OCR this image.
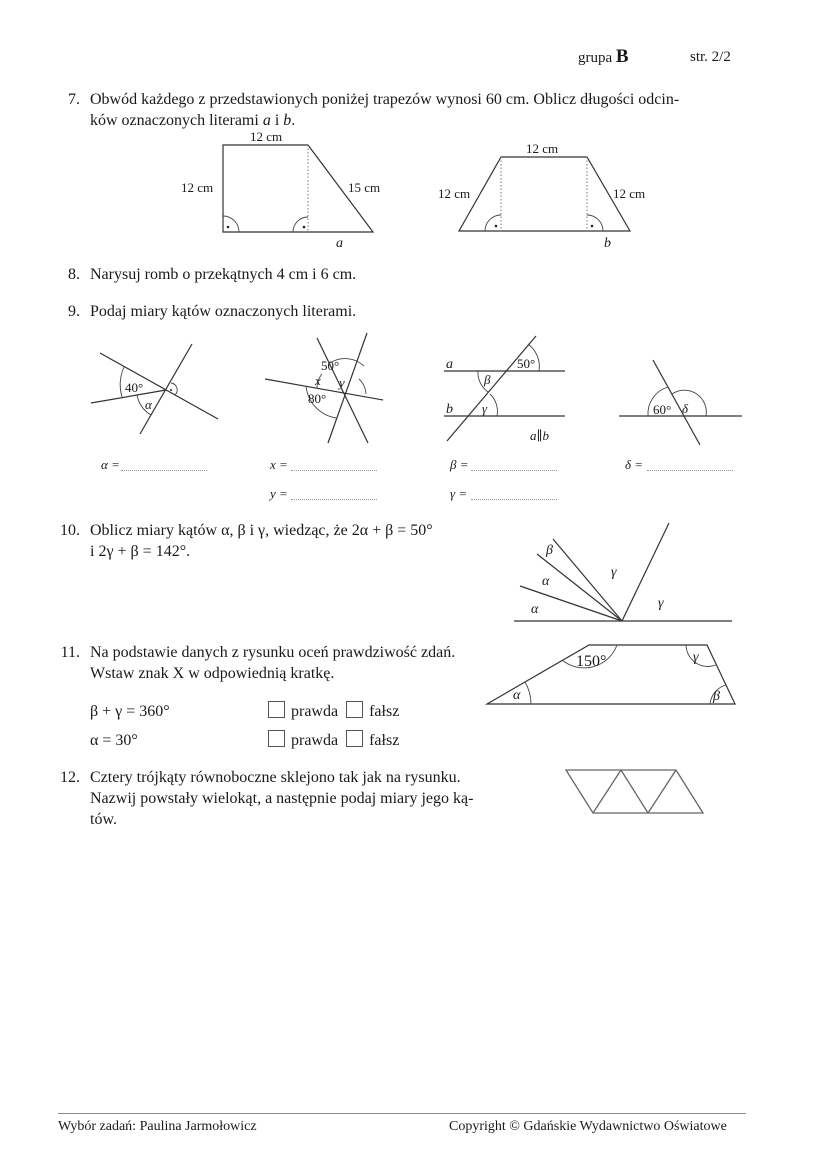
grupa B	str. 2/2
7. Obwód każdego z przedstawionych poniżej trapezów wynosi 60 cm. Oblicz długości odcin-
ków oznaczonych literami a i b.
12 cm
12 cm	15 cm
a
12 cm
12 cm	12 cm
b
8. Narysuj romb o przekątnych 4 cm i 6 cm.
9. Podaj miary kątów oznaczonych literami.
40°
α
50°
x y
80°
a
b
50°
β
γ
a∥b
60° δ
α =	x =
y =
β =
γ =
δ =
10. Oblicz miary kątów α, β i γ, wiedząc, że 2α + β = 50°
i 2γ + β = 142°.	β
α
α
γ
γ
11. Na podstawie danych z rysunku oceń prawdziwość zdań.
Wstaw znak X w odpowiednią kratkę.
β + γ = 360°	prawda fałsz
α = 30°	prawda fałsz
150°	γ
α	β
12. Cztery trójkąty równoboczne sklejono tak jak na rysunku.
Nazwij powstały wielokąt, a następnie podaj miary jego ką-
tów.
Wybór zadań: Paulina Jarmołowicz	Copyright © Gdańskie Wydawnictwo Oświatowe
